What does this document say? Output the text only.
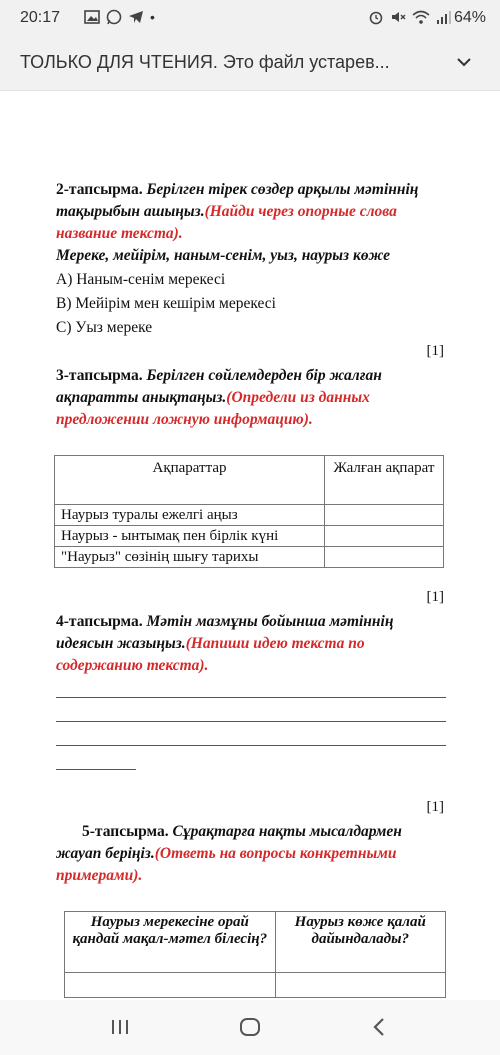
20:17	•	64%
ТОЛЬКО ДЛЯ ЧТЕНИЯ. Это файл устарев...
2-тапсырма. Берілген тірек сөздер арқылы мәтіннің тақырыбын ашыңыз.(Найди через опорные слова название текста).
Мереке, мейірім, наным-сенім, уыз, наурыз көже
А) Наным-сенім мерекесі
В) Мейірім мен кешірім мерекесі
С) Уыз мереке
[1]
3-тапсырма. Берілген сөйлемдерден бір жалған ақпаратты анықтаңыз.(Определи из данных предложении ложную информацию).
Ақпараттар	Жалған ақпарат
Наурыз туралы ежелгі аңыз	
Наурыз - ынтымақ пен бірлік күні	
"Наурыз" сөзінің шығу тарихы	
[1]
4-тапсырма. Мәтін мазмұны бойынша мәтіннің идеясын жазыңыз.(Напиши идею текста по содержанию текста).
[1]
5-тапсырма. Сұрақтарға нақты мысалдармен жауап беріңіз.(Ответь на вопросы конкретными примерами).
Наурыз мерекесіне орай қандай мақал-мәтел білесің?	Наурыз көже қалай дайындалады?
